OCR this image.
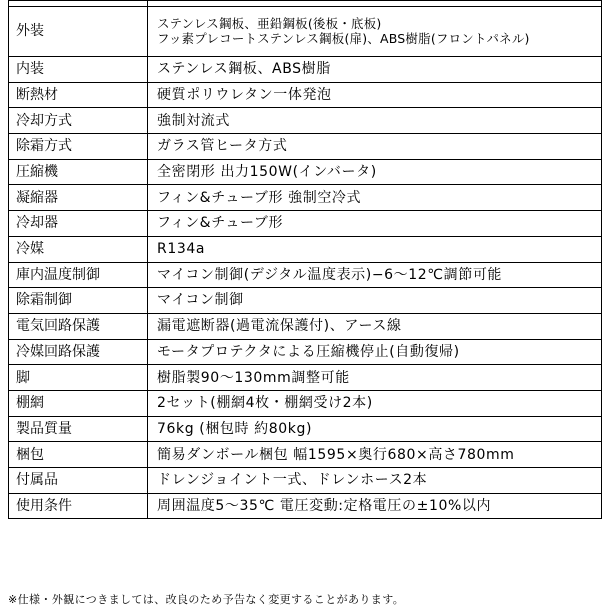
外装	ステンレス鋼板、亜鉛鋼板(後板・底板)
フッ素プレコートステンレス鋼板(扉)、ABS樹脂(フロントパネル)

内装	ステンレス鋼板、ABS樹脂
断熱材	硬質ポリウレタン一体発泡
冷却方式	強制対流式
除霜方式	ガラス管ヒータ方式
圧縮機	全密閉形 出力150W(インバータ)
凝縮器	フィン&チューブ形 強制空冷式
冷却器	フィン&チューブ形
冷媒	R134a
庫内温度制御	マイコン制御(デジタル温度表示)−6〜12℃調節可能
除霜制御	マイコン制御
電気回路保護	漏電遮断器(過電流保護付)、アース線
冷媒回路保護	モータプロテクタによる圧縮機停止(自動復帰)
脚	樹脂製90〜130mm調整可能
棚網	2セット(棚網4枚・棚網受け2本)
製品質量	76kg (梱包時 約80kg)
梱包	簡易ダンボール梱包 幅1595×奥行680×高さ780mm
付属品	ドレンジョイント一式、ドレンホース2本
使用条件	周囲温度5〜35℃ 電圧変動:定格電圧の±10%以内
※仕様・外観につきましては、改良のため予告なく変更することがあります。
